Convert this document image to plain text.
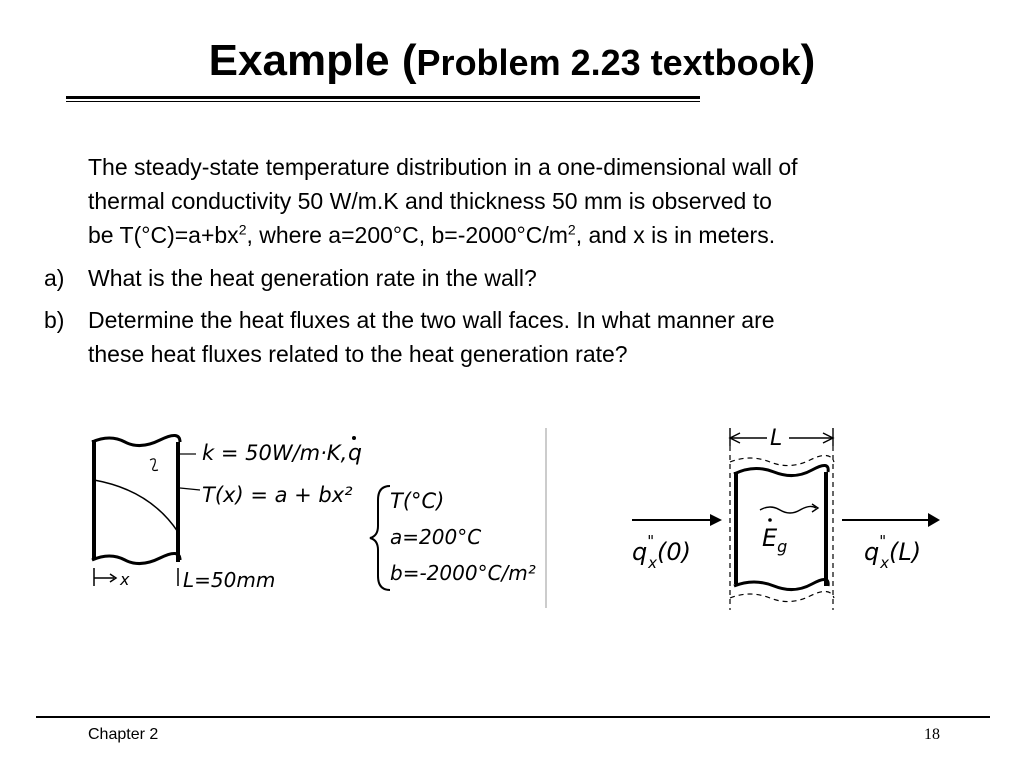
Example (Problem 2.23 textbook)
The steady-state temperature distribution in a one-dimensional wall of
thermal conductivity 50 W/m.K and thickness 50 mm is observed to
be $T(^\circ C)=a+bx^2$, where a=200°C, $b=-2000^\circ C/m^2$, and x is in meters.
a) What is the heat generation rate in the wall?
b) Determine the heat fluxes at the two wall faces. In what manner are
these heat fluxes related to the heat generation rate?
k = 50W/m·K, q
T(x) = a + bx²
x	L=50mm
T(°C)
a=200°C
b=-2000°C/m²
L
$E_g$
q" x(0)	q" x(L)
Chapter 2	18
